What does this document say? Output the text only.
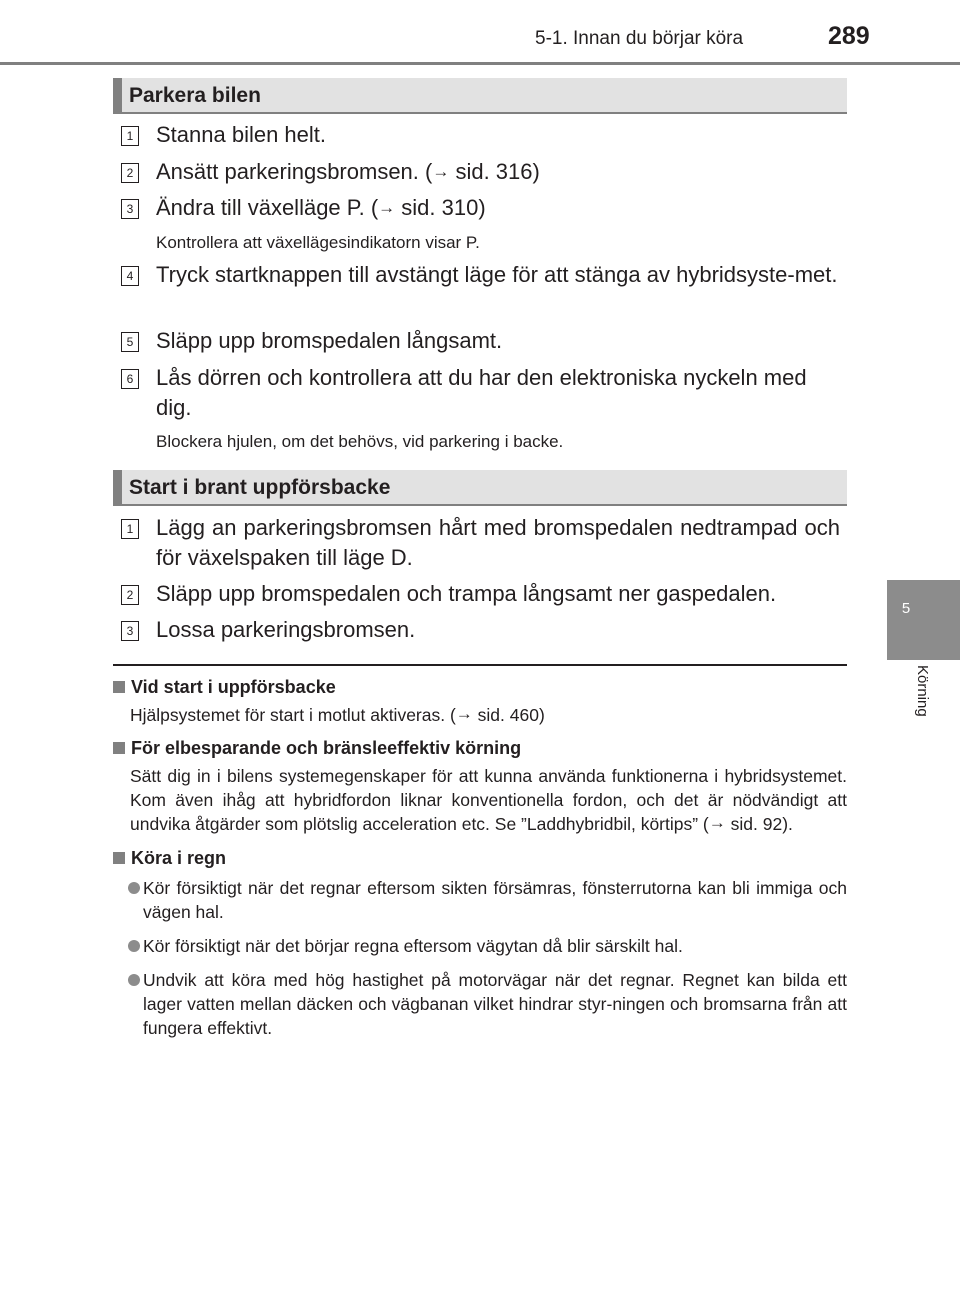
5-1. Innan du börjar köra	289
5
Körning
Parkera bilen
1 Stanna bilen helt.
2 Ansätt parkeringsbromsen. (→ sid. 316)
3 Ändra till växelläge P. (→ sid. 310)
Kontrollera att växellägesindikatorn visar P.
4 Tryck startknappen till avstängt läge för att stänga av hybridsyste-met.
5 Släpp upp bromspedalen långsamt.
6 Lås dörren och kontrollera att du har den elektroniska nyckeln med dig.
Blockera hjulen, om det behövs, vid parkering i backe.
Start i brant uppförsbacke
1 Lägg an parkeringsbromsen hårt med bromspedalen nedtrampad och för växelspaken till läge D.
2 Släpp upp bromspedalen och trampa långsamt ner gaspedalen.
3 Lossa parkeringsbromsen.
Vid start i uppförsbacke
Hjälpsystemet för start i motlut aktiveras. (→ sid. 460)
För elbesparande och bränsleeffektiv körning
Sätt dig in i bilens systemegenskaper för att kunna använda funktionerna i hybridsystemet. Kom även ihåg att hybridfordon liknar konventionella fordon, och det är nödvändigt att undvika åtgärder som plötslig acceleration etc. Se ”Laddhybridbil, körtips” (→ sid. 92).
Köra i regn
Kör försiktigt när det regnar eftersom sikten försämras, fönsterrutorna kan bli immiga och vägen hal.
Kör försiktigt när det börjar regna eftersom vägytan då blir särskilt hal.
Undvik att köra med hög hastighet på motorvägar när det regnar. Regnet kan bilda ett lager vatten mellan däcken och vägbanan vilket hindrar styr-ningen och bromsarna från att fungera effektivt.
